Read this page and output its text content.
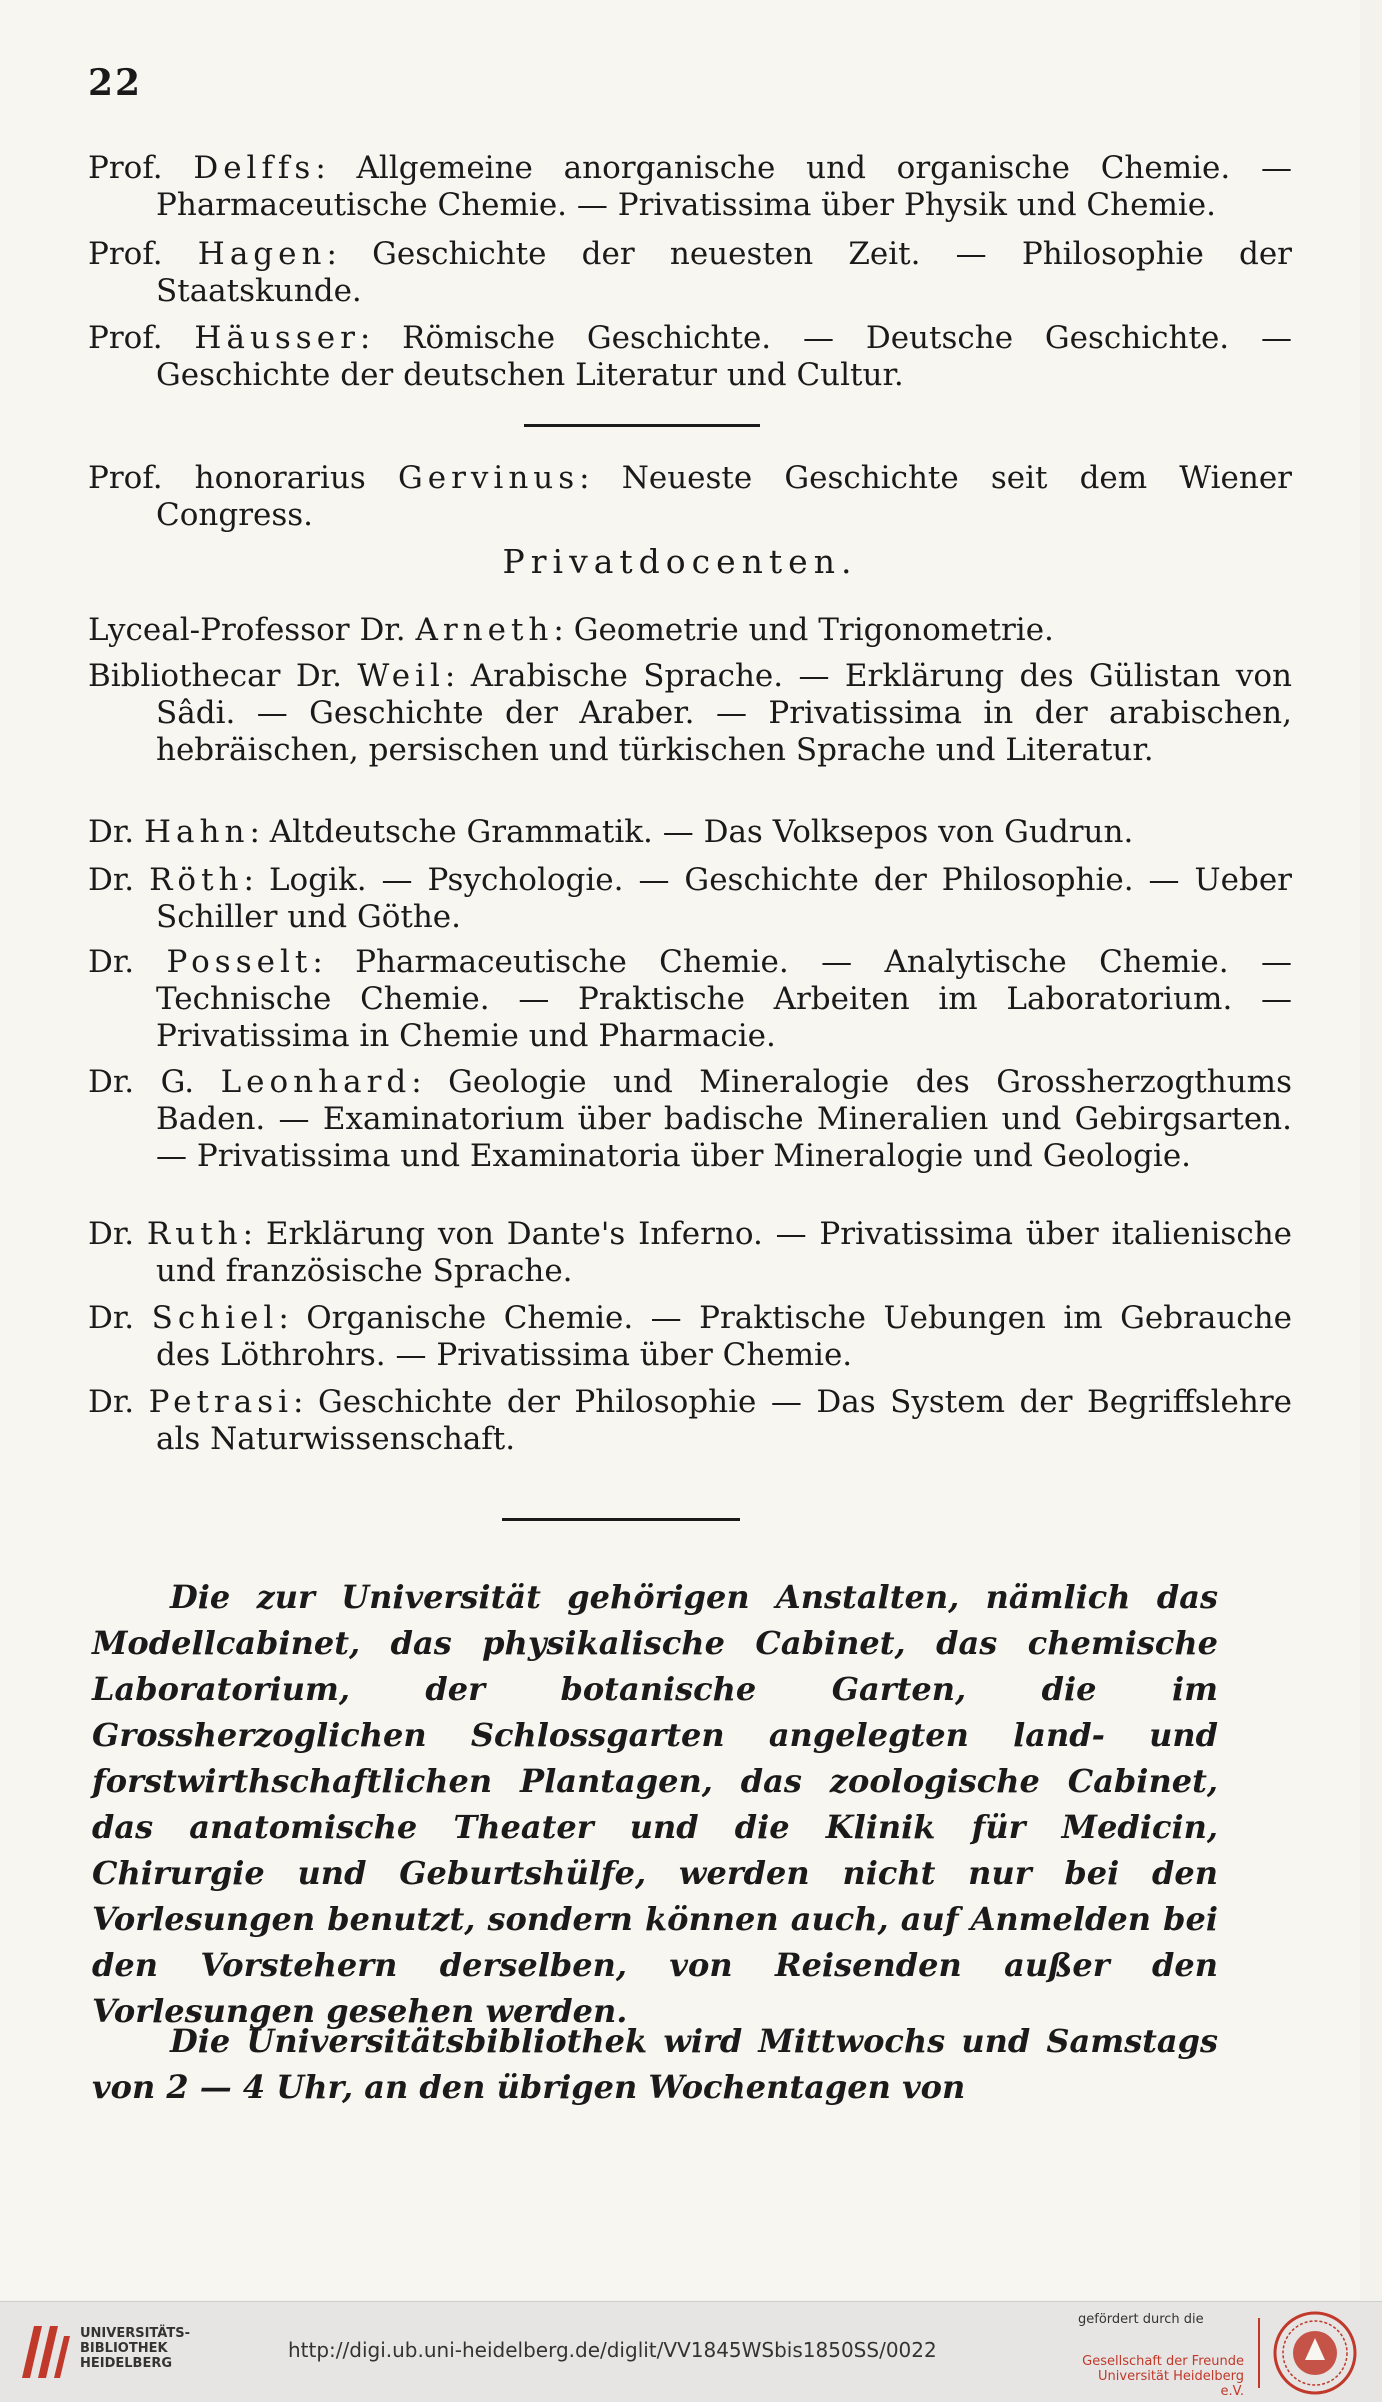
22
Prof. Delffs: Allgemeine anorganische und organische Chemie. — Pharmaceutische Chemie. — Privatissima über Physik und Chemie.
Prof. Hagen: Geschichte der neuesten Zeit. — Philosophie der Staatskunde.
Prof. Häusser: Römische Geschichte. — Deutsche Geschichte. — Geschichte der deutschen Literatur und Cultur.
Prof. honorarius Gervinus: Neueste Geschichte seit dem Wiener Congress.
Privatdocenten.
Lyceal-Professor Dr. Arneth: Geometrie und Trigonometrie.
Bibliothecar Dr. Weil: Arabische Sprache. — Erklärung des Gülistan von Sâdi. — Geschichte der Araber. — Privatissima in der arabischen, hebräischen, persischen und türkischen Sprache und Literatur.
Dr. Hahn: Altdeutsche Grammatik. — Das Volksepos von Gudrun.
Dr. Röth: Logik. — Psychologie. — Geschichte der Philosophie. — Ueber Schiller und Göthe.
Dr. Posselt: Pharmaceutische Chemie. — Analytische Chemie. — Technische Chemie. — Praktische Arbeiten im Laboratorium. — Privatissima in Chemie und Pharmacie.
Dr. G. Leonhard: Geologie und Mineralogie des Grossherzogthums Baden. — Examinatorium über badische Mineralien und Gebirgsarten. — Privatissima und Examinatoria über Mineralogie und Geologie.
Dr. Ruth: Erklärung von Dante's Inferno. — Privatissima über italienische und französische Sprache.
Dr. Schiel: Organische Chemie. — Praktische Uebungen im Gebrauche des Löthrohrs. — Privatissima über Chemie.
Dr. Petrasi: Geschichte der Philosophie — Das System der Begriffslehre als Naturwissenschaft.
Die zur Universität gehörigen Anstalten, nämlich das Modellcabinet, das physikalische Cabinet, das chemische Laboratorium, der botanische Garten, die im Grossherzoglichen Schlossgarten angelegten land- und forstwirthschaftlichen Plantagen, das zoologische Cabinet, das anatomische Theater und die Klinik für Medicin, Chirurgie und Geburtshülfe, werden nicht nur bei den Vorlesungen benutzt, sondern können auch, auf Anmelden bei den Vorstehern derselben, von Reisenden außer den Vorlesungen gesehen werden.
Die Universitätsbibliothek wird Mittwochs und Samstags von 2 — 4 Uhr, an den übrigen Wochentagen von
UNIVERSITÄTS-
BIBLIOTHEK
HEIDELBERG
http://digi.ub.uni-heidelberg.de/diglit/VV1845WSbis1850SS/0022
gefördert durch die
Gesellschaft der Freunde
Universität Heidelberg e.V.
